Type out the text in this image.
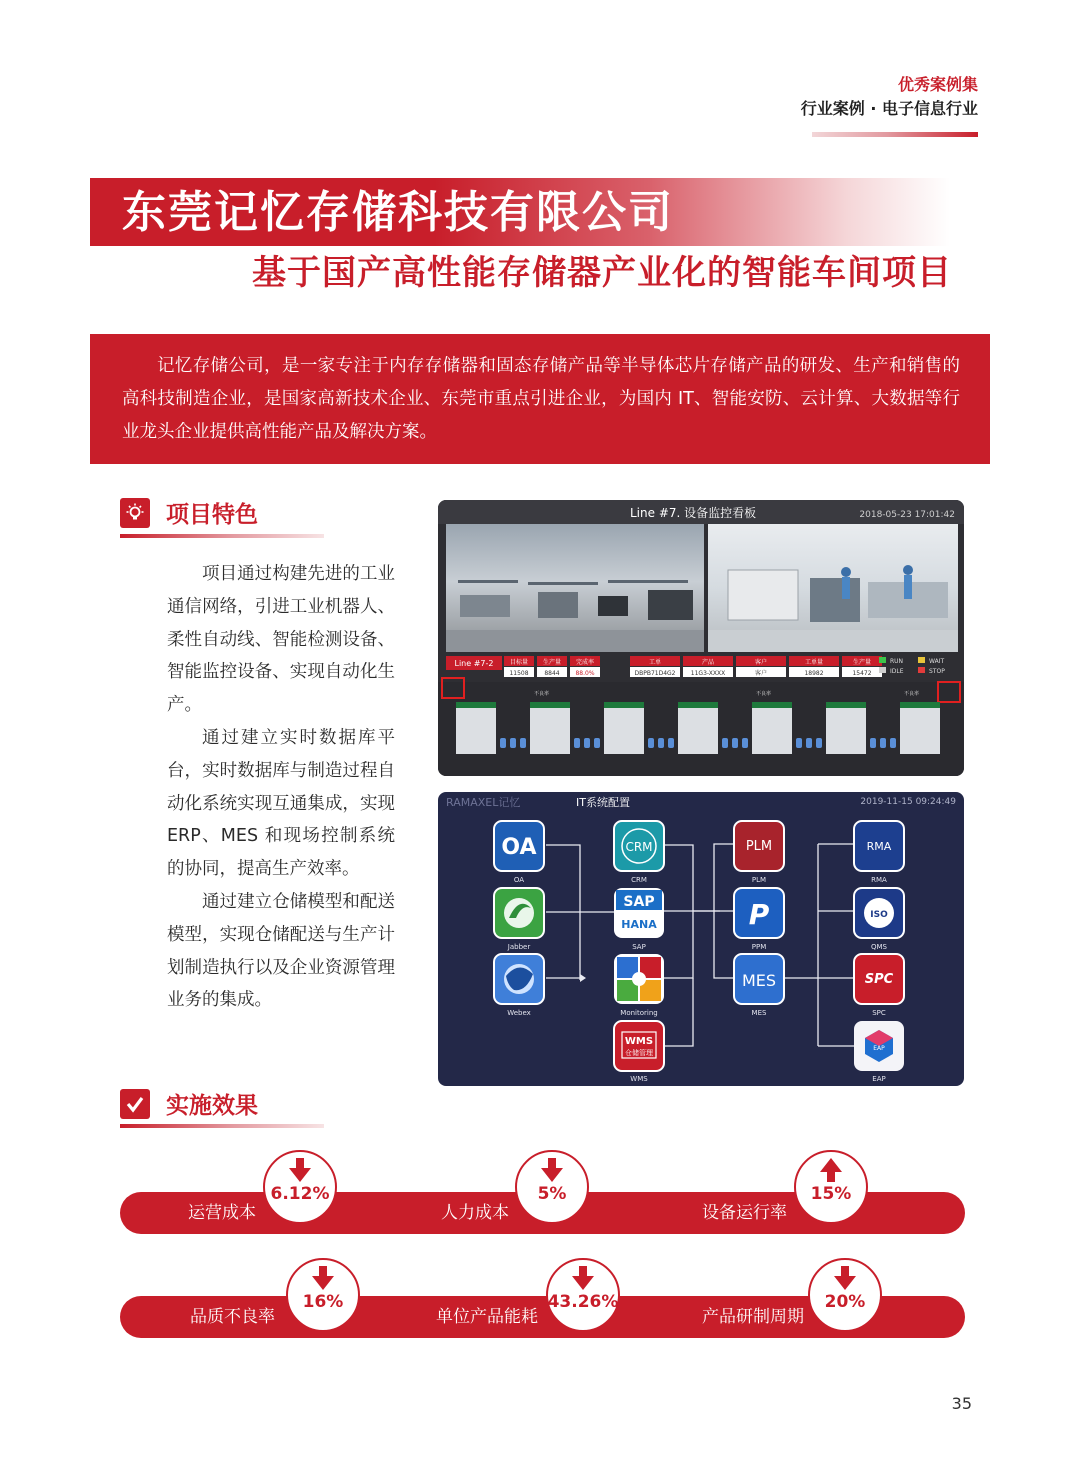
优秀案例集
行业案例 · 电子信息行业
东莞记忆存储科技有限公司
基于国产高性能存储器产业化的智能车间项目
记忆存储公司，是一家专注于内存存储器和固态存储产品等半导体芯片存储产品的研发、生产和销售的高科技制造企业，是国家高新技术企业、东莞市重点引进企业，为国内 IT、智能安防、云计算、大数据等行业龙头企业提供高性能产品及解决方案。
项目特色

项目通过构建先进的工业通信网络，引进工业机器人、柔性自动线、智能检测设备、智能监控设备、实现自动化生产。

通过建立实时数据库平台，实时数据库与制造过程自动化系统实现互通集成，实现 ERP、MES 和现场控制系统的协同，提高生产效率。

通过建立仓储模型和配送模型，实现仓储配送与生产计划制造执行以及企业资源管理业务的集成。

Line #7. 设备监控看板	2018-05-23 17:01:42
Line #7-2	目标量 生产量 完成率
11508	8844	88.0%
工单	产品	客户	工单量	生产量
DBPB71D4G2	11G3-XXXX	客户	18982	15472
RUN	WAIT
IDLE	STOP
不良率	不良率
不良率
RAMAXEL记忆	IT系统配置	2019-11-15 09:24:49
OA
OA
Jabber
Webex
CRM
CRM
SAP
HANA
SAP
Monitoring
WMS
仓储管理
WMS
PLM
PLM
P
PPM
MES
MES
RMA
RMA
ISO
QMS
SPC
SPC
EAP
EAP
实施效果
运营成本
6.12%
人力成本
5%
设备运行率
15%
品质不良率
16%
单位产品能耗
43.26%
产品研制周期
20%
35
